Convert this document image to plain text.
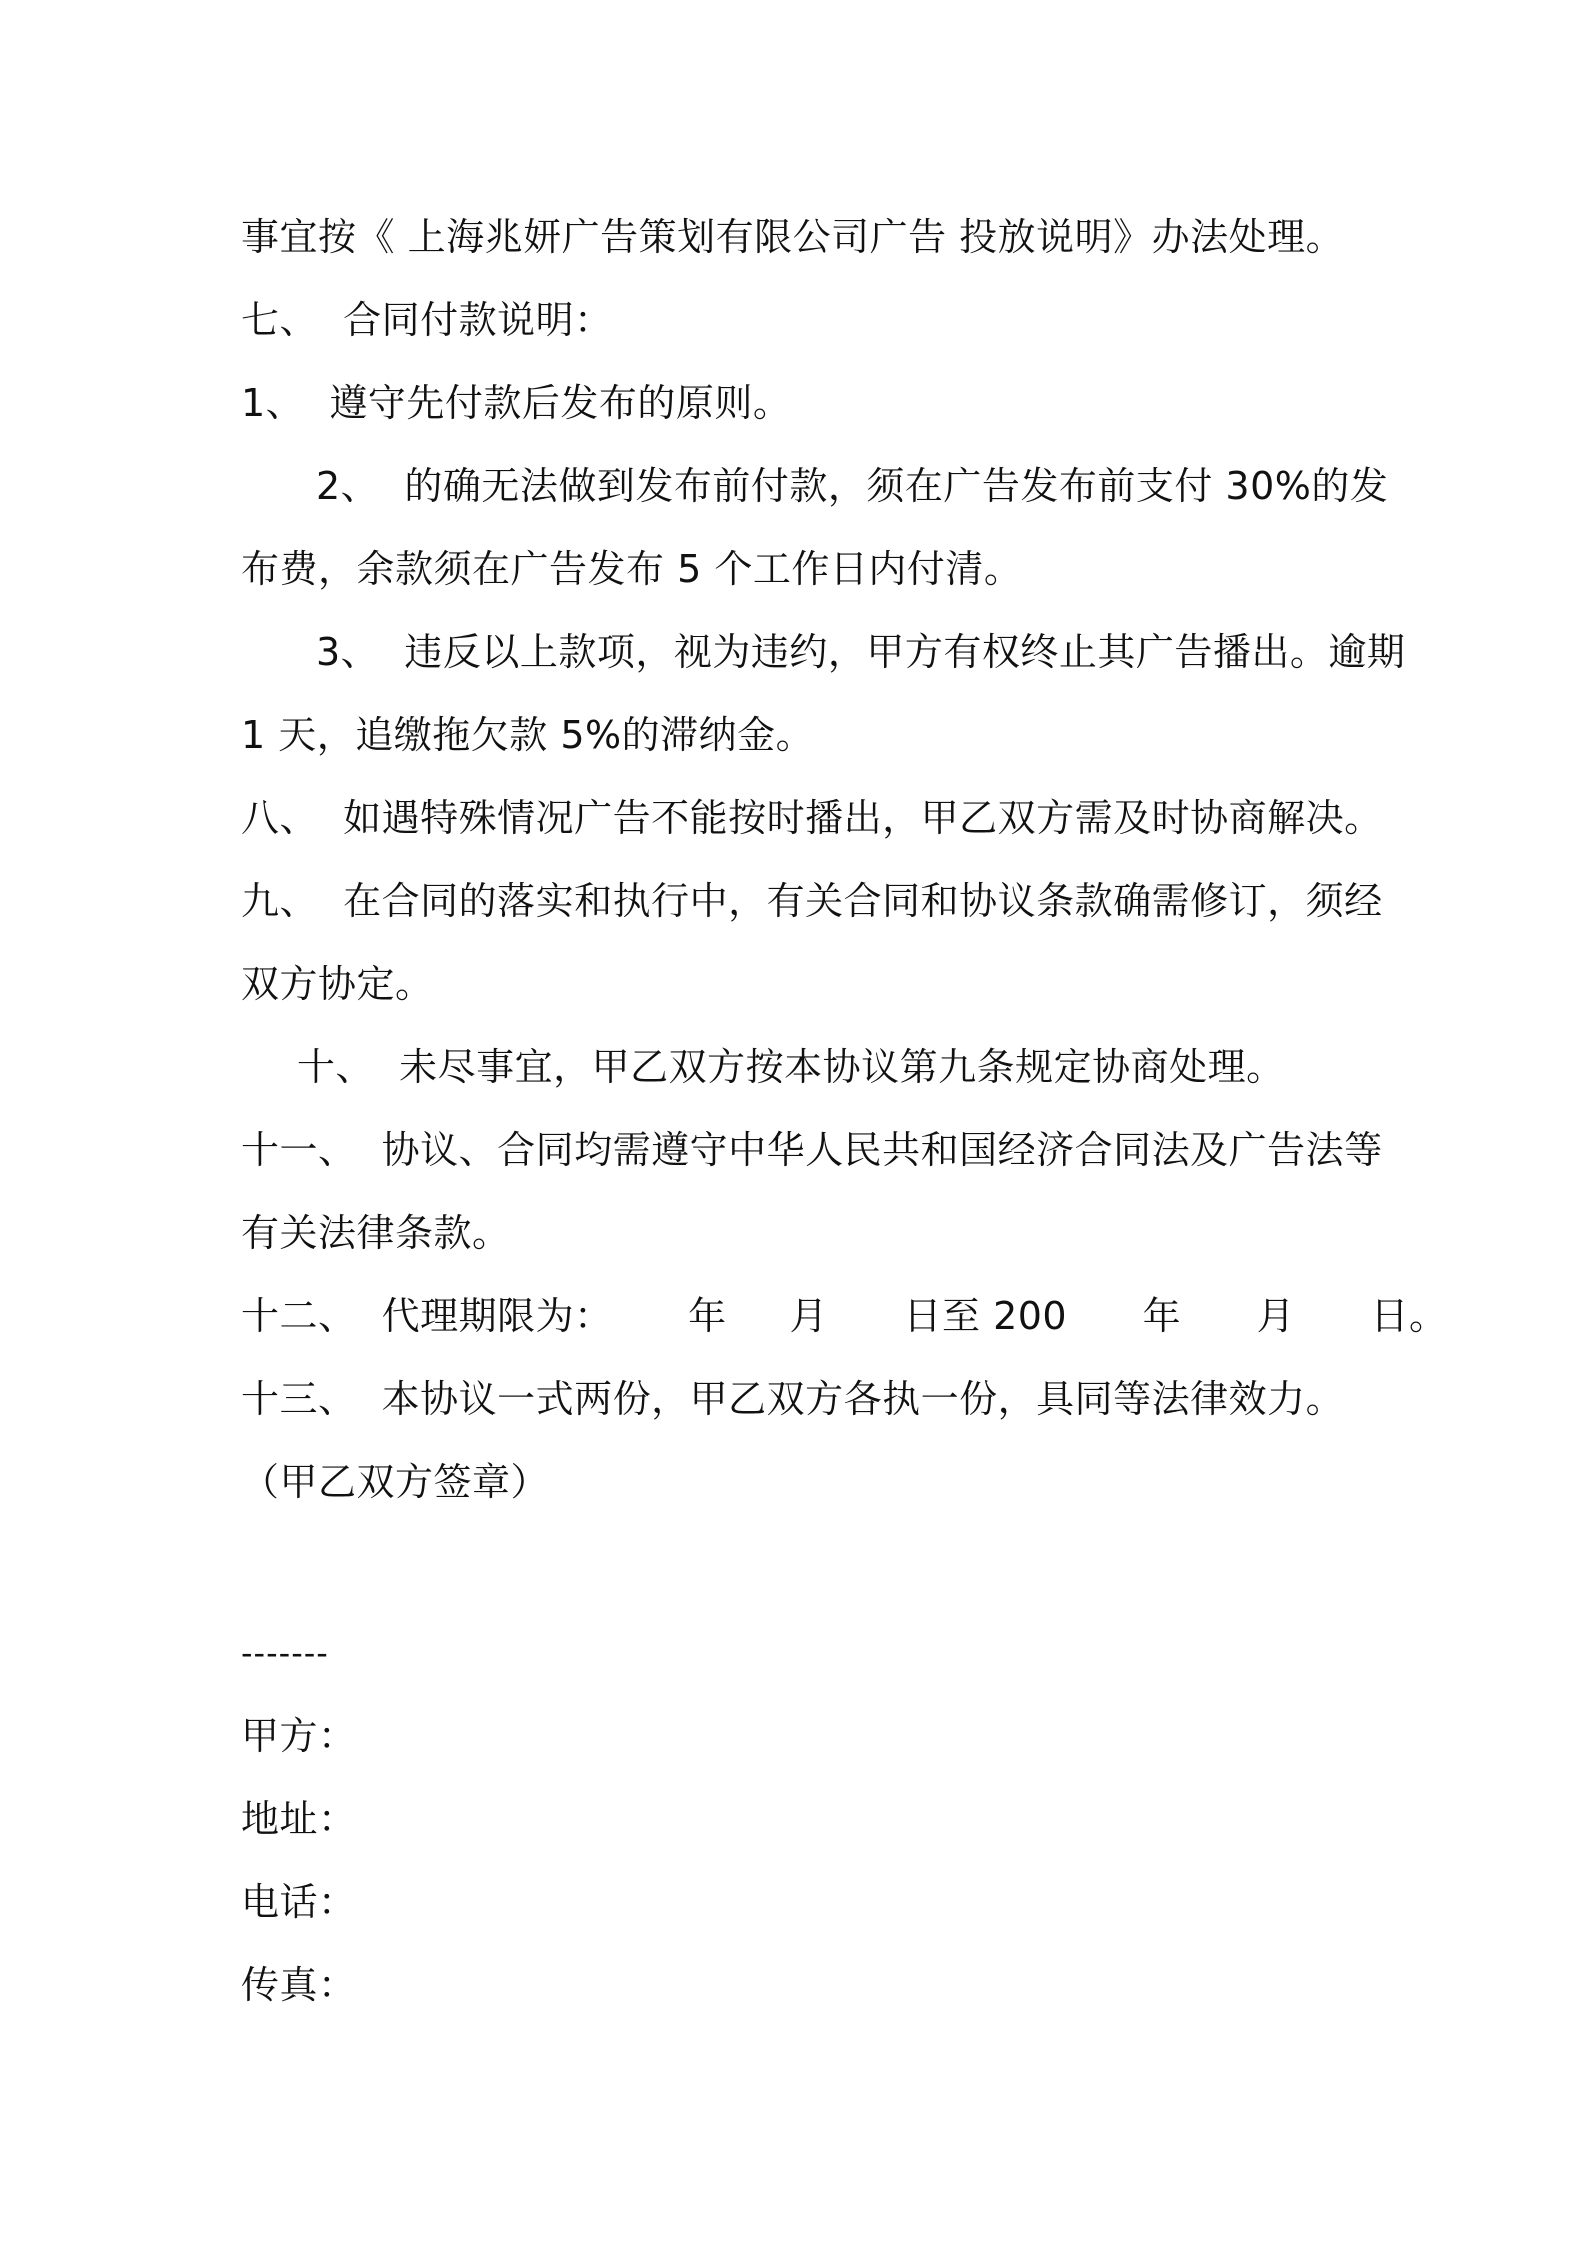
事宜按《 上海兆妍广告策划有限公司广告 投放说明》办法处理。
七、  合同付款说明：
1、  遵守先付款后发布的原则。
2、  的确无法做到发布前付款，须在广告发布前支付 30%的发
布费，余款须在广告发布 5 个工作日内付清。
3、  违反以上款项，视为违约，甲方有权终止其广告播出。逾期
1 天，追缴拖欠款 5%的滞纳金。
八、  如遇特殊情况广告不能按时播出，甲乙双方需及时协商解决。
九、  在合同的落实和执行中，有关合同和协议条款确需修订，须经
双方协定。
十、  未尽事宜，甲乙双方按本协议第九条规定协商处理。
十一、  协议、合同均需遵守中华人民共和国经济合同法及广告法等
有关法律条款。
十二、  代理期限为：      年     月      日至 200      年      月      日。
十三、  本协议一式两份，甲乙双方各执一份，具同等法律效力。
（甲乙双方签章）
-------
甲方：
地址：
电话：
传真：
